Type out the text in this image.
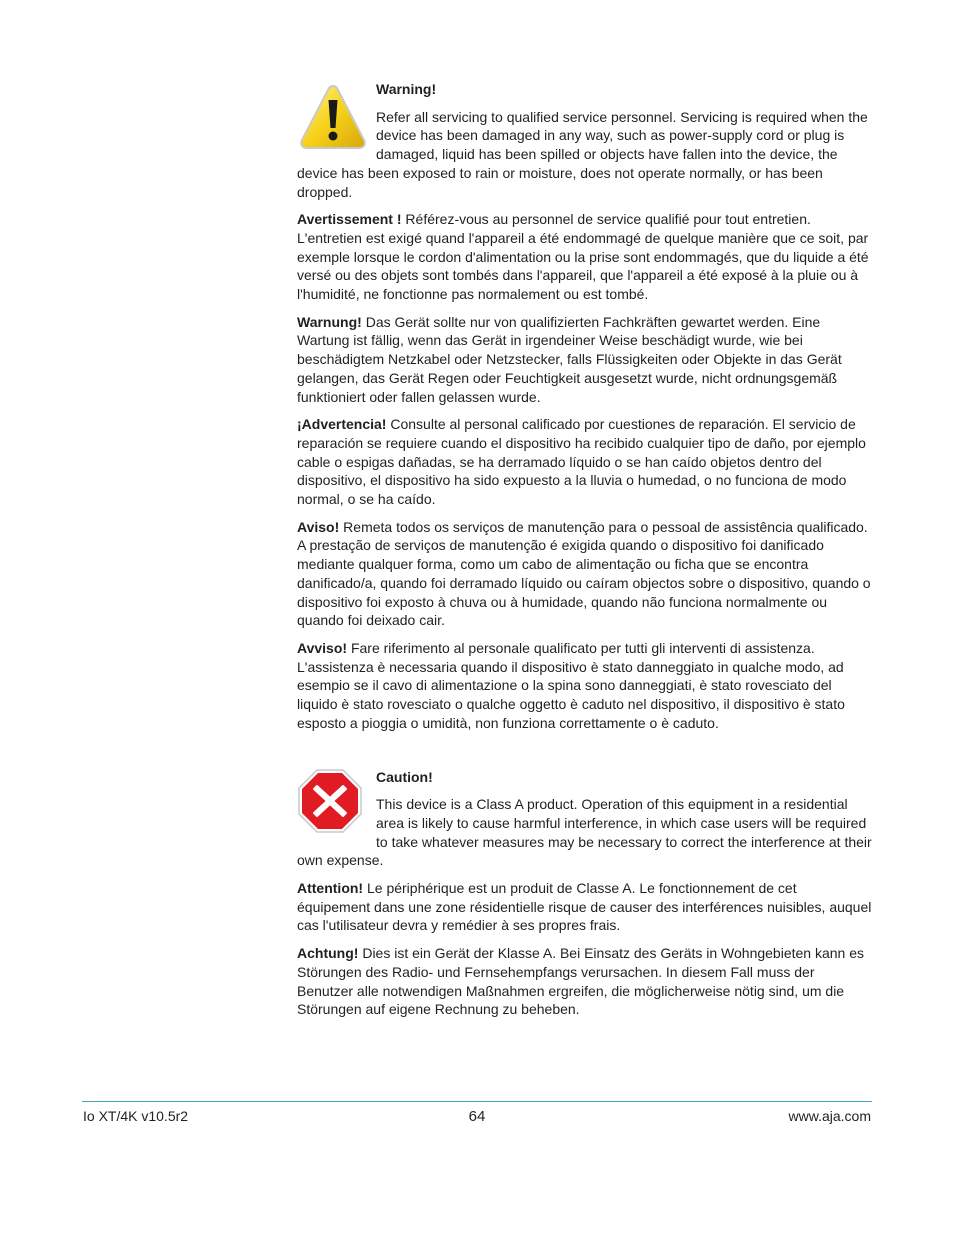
Warning!

Refer all servicing to qualified service personnel. Servicing is required when the device has been damaged in any way, such as power-supply cord or plug is damaged, liquid has been spilled or objects have fallen into the device, the device has been exposed to rain or moisture, does not operate normally, or has been dropped.

Avertissement ! Référez-vous au personnel de service qualifié pour tout entretien. L'entretien est exigé quand l'appareil a été endommagé de quelque manière que ce soit, par exemple lorsque le cordon d'alimentation ou la prise sont endommagés, que du liquide a été versé ou des objets sont tombés dans l'appareil, que l'appareil a été exposé à la pluie ou à l'humidité, ne fonctionne pas normalement ou est tombé.

Warnung! Das Gerät sollte nur von qualifizierten Fachkräften gewartet werden. Eine Wartung ist fällig, wenn das Gerät in irgendeiner Weise beschädigt wurde, wie bei beschädigtem Netzkabel oder Netzstecker, falls Flüssigkeiten oder Objekte in das Gerät gelangen, das Gerät Regen oder Feuchtigkeit ausgesetzt wurde, nicht ordnungsgemäß funktioniert oder fallen gelassen wurde.

¡Advertencia! Consulte al personal calificado por cuestiones de reparación. El servicio de reparación se requiere cuando el dispositivo ha recibido cualquier tipo de daño, por ejemplo cable o espigas dañadas, se ha derramado líquido o se han caído objetos dentro del dispositivo, el dispositivo ha sido expuesto a la lluvia o humedad, o no funciona de modo normal, o se ha caído.

Aviso! Remeta todos os serviços de manutenção para o pessoal de assistência qualificado. A prestação de serviços de manutenção é exigida quando o dispositivo foi danificado mediante qualquer forma, como um cabo de alimentação ou ficha que se encontra danificado/a, quando foi derramado líquido ou caíram objectos sobre o dispositivo, quando o dispositivo foi exposto à chuva ou à humidade, quando não funciona normalmente ou quando foi deixado cair.

Avviso! Fare riferimento al personale qualificato per tutti gli interventi di assistenza. L'assistenza è necessaria quando il dispositivo è stato danneggiato in qualche modo, ad esempio se il cavo di alimentazione o la spina sono danneggiati, è stato rovesciato del liquido è stato rovesciato o qualche oggetto è caduto nel dispositivo, il dispositivo è stato esposto a pioggia o umidità, non funziona correttamente o è caduto.

Caution!

This device is a Class A product. Operation of this equipment in a residential area is likely to cause harmful interference, in which case users will be required to take whatever measures may be necessary to correct the interference at their own expense.

Attention! Le périphérique est un produit de Classe A. Le fonctionnement de cet équipement dans une zone résidentielle risque de causer des interférences nuisibles, auquel cas l'utilisateur devra y remédier à ses propres frais.

Achtung! Dies ist ein Gerät der Klasse A. Bei Einsatz des Geräts in Wohngebieten kann es Störungen des Radio- und Fernsehempfangs verursachen. In diesem Fall muss der Benutzer alle notwendigen Maßnahmen ergreifen, die möglicherweise nötig sind, um die Störungen auf eigene Rechnung zu beheben.

Io XT/4K v10.5r2	64	www.aja.com
